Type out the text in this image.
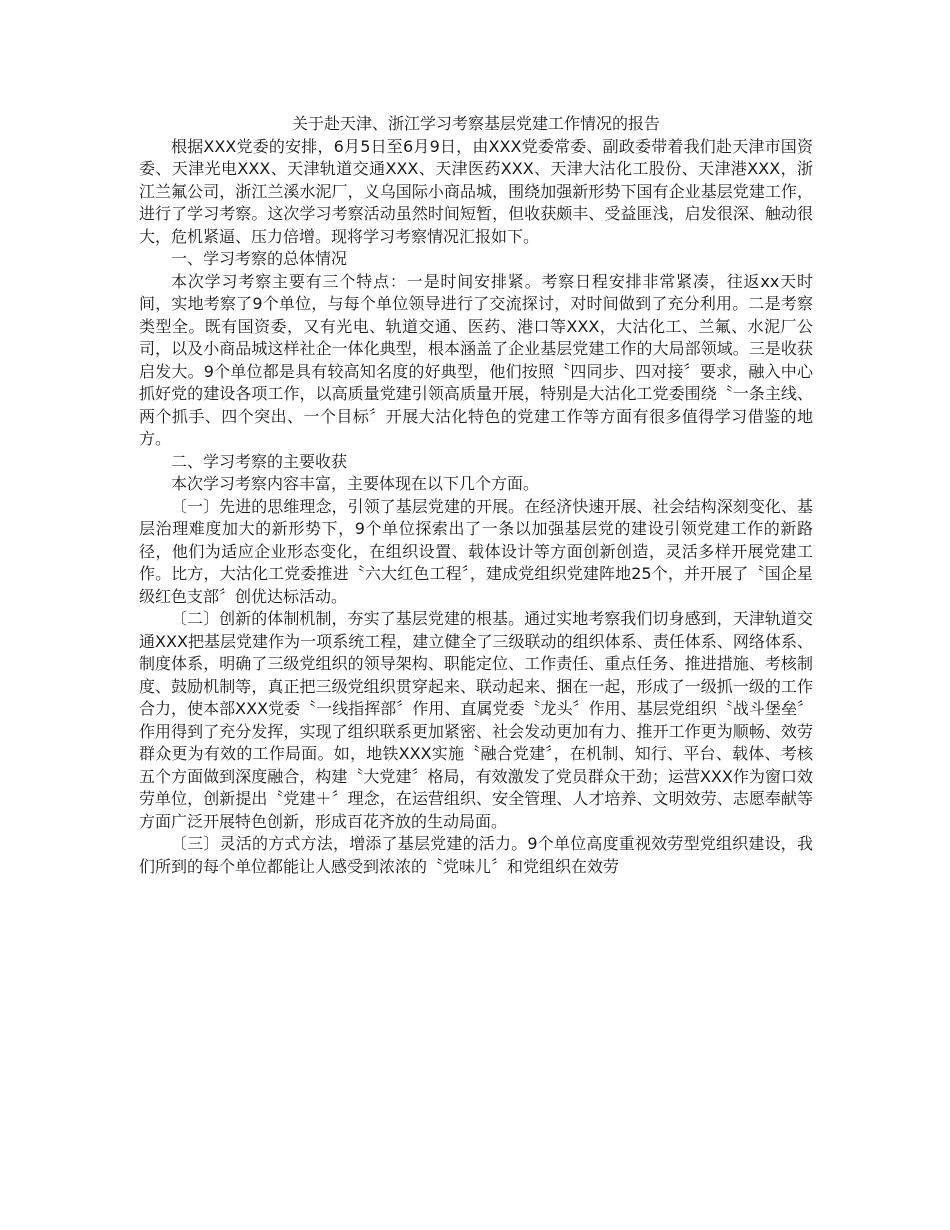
关于赴天津、浙江学习考察基层党建工作情况的报告

根据XXX党委的安排，6月5日至6月9日，由XXX党委常委、副政委带着我们赴天津市国资委、天津光电XXX、天津轨道交通XXX、天津医药XXX、天津大沽化工股份、天津港XXX，浙江兰氟公司，浙江兰溪水泥厂，义乌国际小商品城，围绕加强新形势下国有企业基层党建工作，进行了学习考察。这次学习考察活动虽然时间短暂，但收获颇丰、受益匪浅，启发很深、触动很大，危机紧逼、压力倍增。现将学习考察情况汇报如下。

一、学习考察的总体情况

本次学习考察主要有三个特点：一是时间安排紧。考察日程安排非常紧凑，往返xx天时间，实地考察了9个单位，与每个单位领导进行了交流探讨，对时间做到了充分利用。二是考察类型全。既有国资委，又有光电、轨道交通、医药、港口等XXX，大沽化工、兰氟、水泥厂公司，以及小商品城这样社企一体化典型，根本涵盖了企业基层党建工作的大局部领域。三是收获启发大。9个单位都是具有较高知名度的好典型，他们按照〝四同步、四对接〞要求，融入中心抓好党的建设各项工作，以高质量党建引领高质量开展，特别是大沽化工党委围绕〝一条主线、两个抓手、四个突出、一个目标〞开展大沽化特色的党建工作等方面有很多值得学习借鉴的地方。

二、学习考察的主要收获

本次学习考察内容丰富，主要体现在以下几个方面。

〔一〕先进的思维理念，引领了基层党建的开展。在经济快速开展、社会结构深刻变化、基层治理难度加大的新形势下，9个单位探索出了一条以加强基层党的建设引领党建工作的新路径，他们为适应企业形态变化，在组织设置、载体设计等方面创新创造，灵活多样开展党建工作。比方，大沽化工党委推进〝六大红色工程〞，建成党组织党建阵地25个，并开展了〝国企星级红色支部〞创优达标活动。

〔二〕创新的体制机制，夯实了基层党建的根基。通过实地考察我们切身感到，天津轨道交通XXX把基层党建作为一项系统工程，建立健全了三级联动的组织体系、责任体系、网络体系、制度体系，明确了三级党组织的领导架构、职能定位、工作责任、重点任务、推进措施、考核制度、鼓励机制等，真正把三级党组织贯穿起来、联动起来、捆在一起，形成了一级抓一级的工作合力，使本部XXX党委〝一线指挥部〞作用、直属党委〝龙头〞作用、基层党组织〝战斗堡垒〞作用得到了充分发挥，实现了组织联系更加紧密、社会发动更加有力、推开工作更为顺畅、效劳群众更为有效的工作局面。如，地铁XXX实施〝融合党建〞，在机制、知行、平台、载体、考核五个方面做到深度融合，构建〝大党建〞格局，有效激发了党员群众干劲；运营XXX作为窗口效劳单位，创新提出〝党建＋〞理念，在运营组织、安全管理、人才培养、文明效劳、志愿奉献等方面广泛开展特色创新，形成百花齐放的生动局面。

〔三〕灵活的方式方法，增添了基层党建的活力。9个单位高度重视效劳型党组织建设，我们所到的每个单位都能让人感受到浓浓的〝党味儿〞和党组织在效劳
